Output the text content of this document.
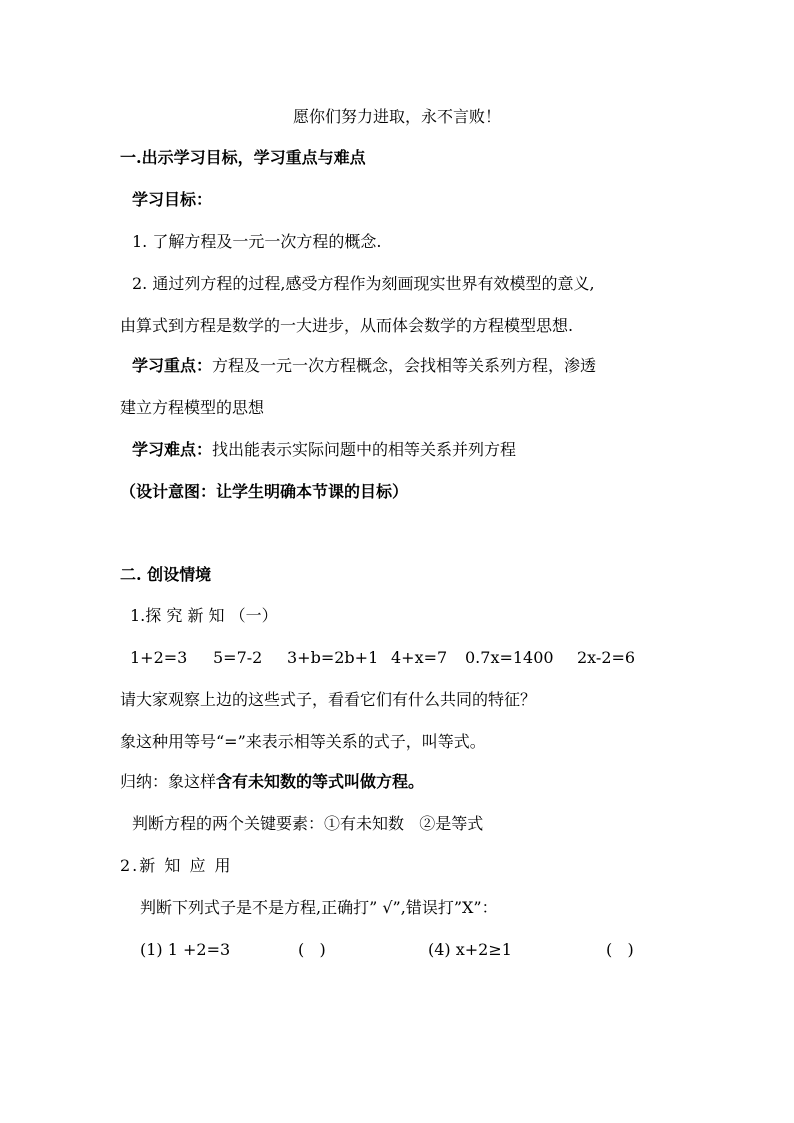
愿你们努力进取，永不言败！
一.出示学习目标，学习重点与难点
学习目标：
1. 了解方程及一元一次方程的概念.
2. 通过列方程的过程,感受方程作为刻画现实世界有效模型的意义,
由算式到方程是数学的一大进步，从而体会数学的方程模型思想.
学习重点：方程及一元一次方程概念，会找相等关系列方程，渗透
建立方程模型的思想
学习难点：找出能表示实际问题中的相等关系并列方程
（设计意图：让学生明确本节课的目标）
二. 创设情境
1.探 究 新 知 （一）
1+2=3 5=7-2 3+b=2b+1 4+x=7 0.7x=1400 2x-2=6
请大家观察上边的这些式子，看看它们有什么共同的特征？
象这种用等号“=”来表示相等关系的式子，叫等式。
归纳：象这样含有未知数的等式叫做方程。
判断方程的两个关键要素：①有未知数   ②是等式
2.新 知 应 用
判断下列式子是不是方程,正确打” √”,错误打”X”：
(1) 1 +2=3	(   )	(4) x+2≥1	(   )
